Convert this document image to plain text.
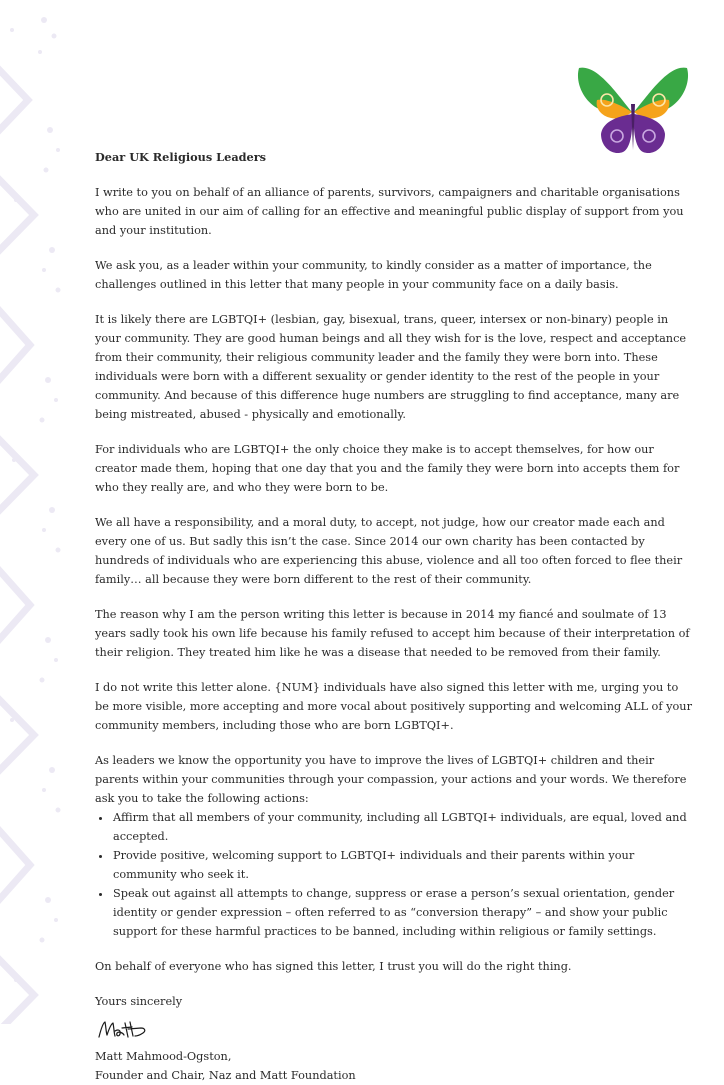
Dear UK Religious Leaders

I write to you on behalf of an alliance of parents, survivors, campaigners and charitable organisations who are united in our aim of calling for an effective and meaningful public display of support from you and your institution.

We ask you, as a leader within your community, to kindly consider as a matter of importance, the challenges outlined in this letter that many people in your community face on a daily basis.

It is likely there are LGBTQI+ (lesbian, gay, bisexual, trans, queer, intersex or non-binary) people in your community. They are good human beings and all they wish for is the love, respect and acceptance from their community, their religious community leader and the family they were born into. These individuals were born with a different sexuality or gender identity to the rest of the people in your community. And because of this difference huge numbers are struggling to find acceptance, many are being mistreated, abused - physically and emotionally.

For individuals who are LGBTQI+ the only choice they make is to accept themselves, for how our creator made them, hoping that one day that you and the family they were born into accepts them for who they really are, and who they were born to be.

We all have a responsibility, and a moral duty, to accept, not judge, how our creator made each and every one of us. But sadly this isn’t the case. Since 2014 our own charity has been contacted by hundreds of individuals who are experiencing this abuse, violence and all too often forced to flee their family… all because they were born different to the rest of their community.

The reason why I am the person writing this letter is because in 2014 my fiancé and soulmate of 13 years sadly took his own life because his family refused to accept him because of their interpretation of their religion. They treated him like he was a disease that needed to be removed from their family.

I do not write this letter alone. {NUM} individuals have also signed this letter with me, urging you to be more visible, more accepting and more vocal about positively supporting and welcoming ALL of your community members, including those who are born LGBTQI+.

As leaders we know the opportunity you have to improve the lives of LGBTQI+ children and their parents within your communities through your compassion, your actions and your words. We therefore ask you to take the following actions:

• Affirm that all members of your community, including all LGBTQI+ individuals, are equal, loved and accepted.
• Provide positive, welcoming support to LGBTQI+ individuals and their parents within your community who seek it.
• Speak out against all attempts to change, suppress or erase a person’s sexual orientation, gender identity or gender expression – often referred to as “conversion therapy” – and show your public support for these harmful practices to be banned, including within religious or family settings.

On behalf of everyone who has signed this letter, I trust you will do the right thing.

Yours sincerely

Matt Mahmood-Ogston,
Founder and Chair, Naz and Matt Foundation
